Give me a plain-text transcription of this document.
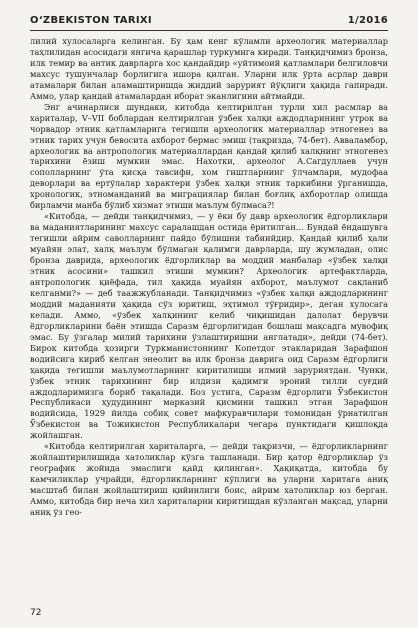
O‘ZBEKISTON TARIXI	1/2016

лилий хулосаларга келинган. Бу ҳам кенг кўламли археологик материаллар таҳлилидан асосидаги янгича қарашлар туркумига киради. Танқидчимиз бронза, илк темир ва антик даврларга хос қандайдир «уйтимоий қатламлари белгиловчи махсус тушунчалар борлигига ишора қилган. Уларни илк ўрта асрлар даври атамалари билан аламаштиришда жиддий зарурият йўқлиги ҳақида гапиради. Аммо, улар қандай атамалардан иборат эканлигини айтмайди.

Энг ачинарлиси шундаки, китобда келтирилган турли хил расмлар ва хариталар, V–VII боблардан келтирилган ўзбек халқи аждодларининг утрок ва чорвадор этник қатламларига тегишли археологик материаллар этногенез ва этник тарих учун бевосита ахборот бермас эмиш (тақризда, 74-бет). Авваламбор, археологик ва антропологик материаллардан қандай қилиб халқнинг этногенез тарихини ёзиш мумкин эмас. Нахотки, археолог А.Сагдуллаев учун сополларнинг ўта қисқа тавсифи, хом гиштларнинг ўлчамлари, мудофаа деворлари ва ертўлалар характери ўзбек халқи этник таркибини ўрганишда, хронологик, этноманданий ва миграциялар билан боғлиқ ахборотлар олишда бирламчи манба бўлиб хизмат этиши маълум бўлмаса?!

«Китобда, — дейди танқидчимиз, — у ёки бу давр археологик ёдгорликлари ва маданиятларининг махсус саралашдан остида ёритилган... Бундай ёндашувга тегишли айрим саволларнинг пайдо бўлишни табиийдир. Қандай қилиб ҳали муайян элат, халқ маълум бўлмаган қалимги даврларда, шу жумладан, олис бронза даврида, археологик ёдгорликлар ва моддий манбалар «ўзбек халқи этник асосини» ташкил этиши мумкин? Археологик артефактларда, антропологик қиёфада, тил ҳақида муайян ахборот, маълумот сақланиб келганми?» — деб таажжубланади. Танқидчимиз «ўзбек халқи аждодларининг моддий маданияти ҳақида сўз юритиш, эҳтимол тўғридир», деган хулосага келади. Аммо, «ўзбек халқининг келиб чиқишидан далолат берувчи ёдгорликларини баён этишда Саразм ёдгорлигидан бошлаш мақсадга мувофиқ эмас. Бу ўзгалар милий тарихини ўзлаштиришни англатади», дейди (74-бет). Бирок китобда ҳозирги Туркманистоннинг Копетдог этакларидан Зарафшон водийсига кириб келган энеолит ва илк бронза даврига оид Саразм ёдгорлиги ҳақида тегишли маълумотларнинг киритилиши илмий заруриятдан. Чунки, ўзбек этник тарихининг бир илдизи қадимги эроний тилли суғдий аждодларимизга бориб тақалади. Боз устига, Саразм ёдгорлиги Ўзбекистон Республикаси ҳудудининг марказий қисмини ташкил этган Зарафшон водийсида, 1929 йилда собиқ совет мафкуравчилари томонидан ўрнатилган Ўзбекистон ва Тожикистон Республикалари чегара пунктидаги қишлоқда жойлашган.

«Китобда келтирилган хариталарга, — дейди тақризчи, — ёдгорликларнинг жойлаштирилишида хатоликлар кўзга ташланади. Бир қатор ёдгорликлар ўз географик жойида эмаслиги қайд қилинган». Ҳақиқатда, китобда бу камчиликлар учрайди, ёдгорликларнинг кўплиги ва уларни харитага аниқ масштаб билан жойлаштириш қийинлиги боис, айрим хатоликлар юз берган. Аммо, китобда бир неча хил хариталарни киритишдан кўзланган мақсад, уларни аниқ ўз гео-

72
